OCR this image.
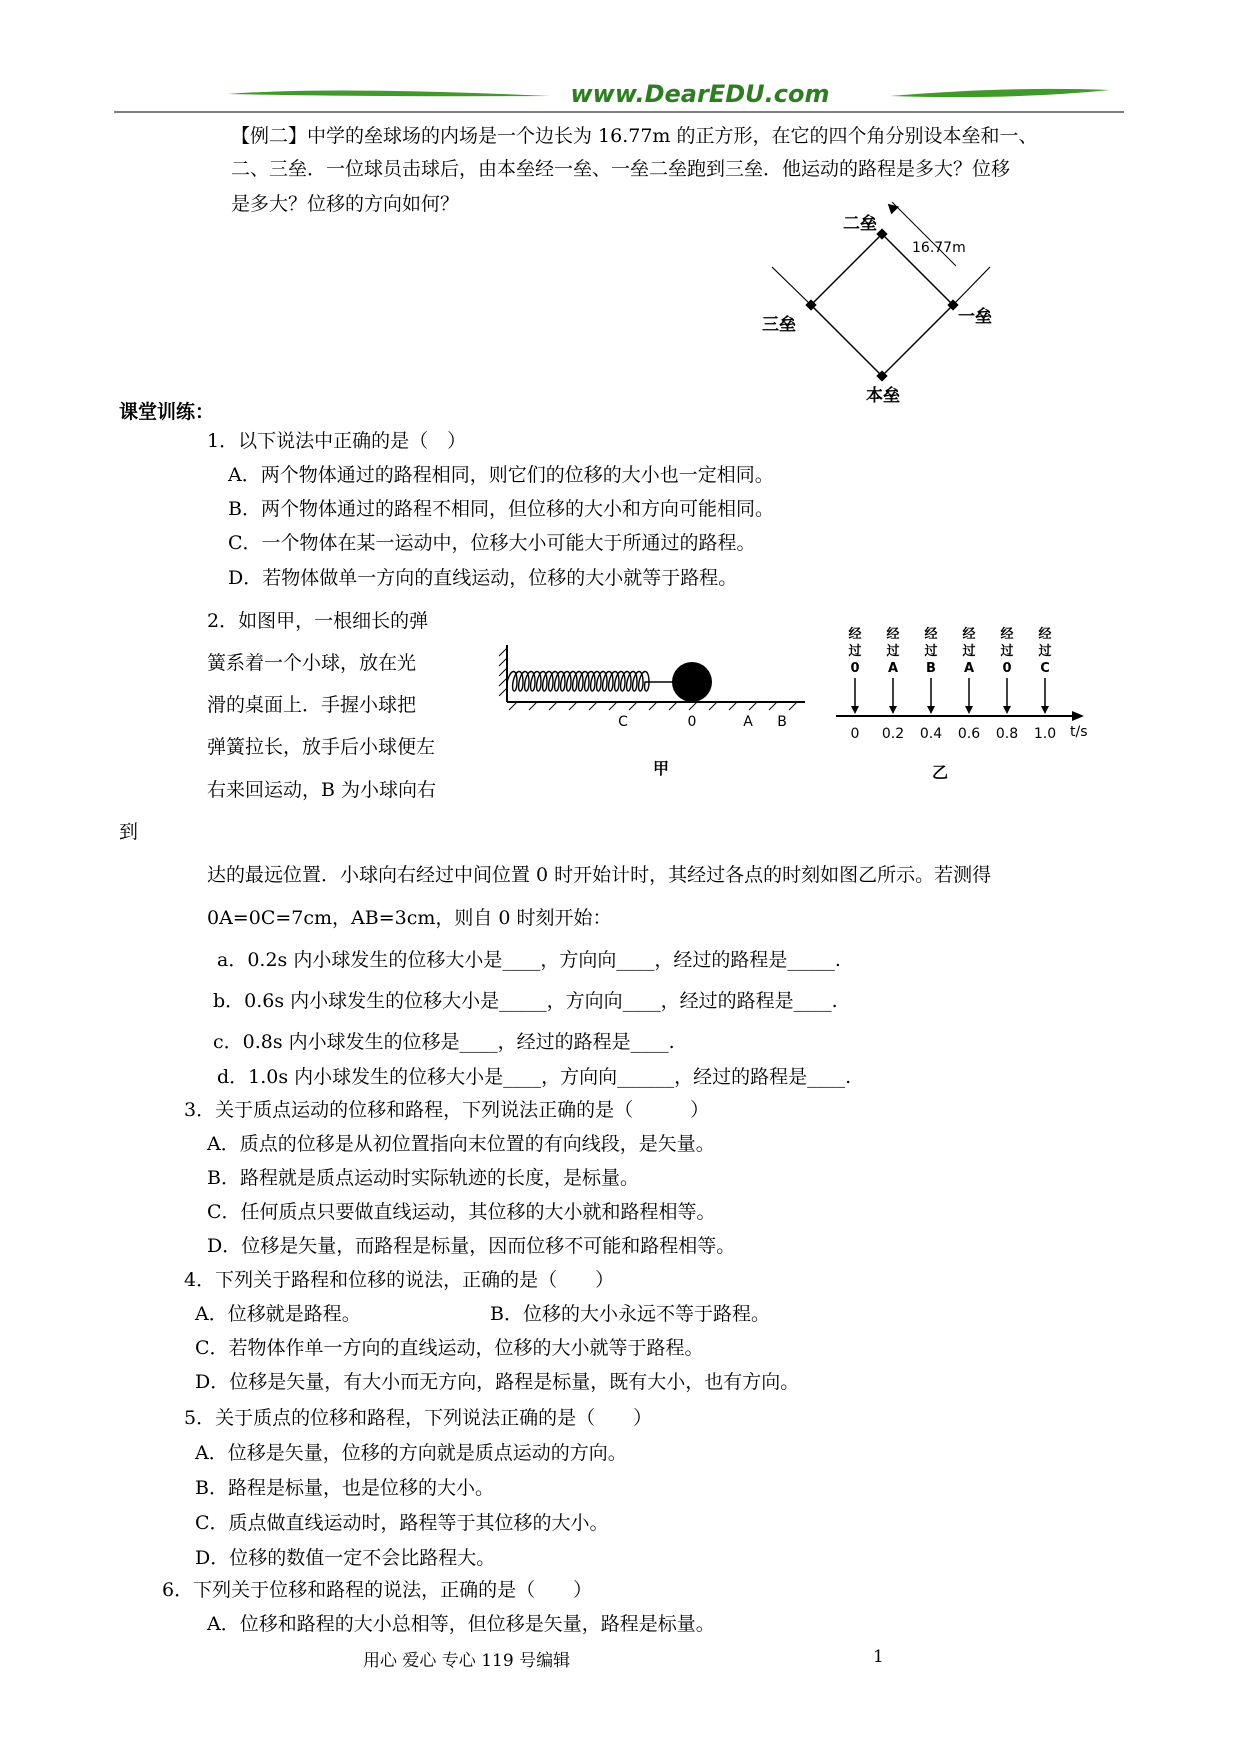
www.DearEDU.com
【例二】中学的垒球场的内场是一个边长为 16.77m 的正方形，在它的四个角分别设本垒和一、
二、三垒．一位球员击球后，由本垒经一垒、一垒二垒跑到三垒．他运动的路程是多大？位移
是多大？位移的方向如何？
16.77m
二垒
一垒
三垒
本垒
课堂训练：
1．以下说法中正确的是（　）
A．两个物体通过的路程相同，则它们的位移的大小也一定相同。
B．两个物体通过的路程不相同，但位移的大小和方向可能相同。
C．一个物体在某一运动中，位移大小可能大于所通过的路程。
D．若物体做单一方向的直线运动，位移的大小就等于路程。
2．如图甲，一根细长的弹
簧系着一个小球，放在光
滑的桌面上．手握小球把
弹簧拉长，放手后小球便左
右来回运动，B 为小球向右
到
C	0	A B
甲
经
过
0
经
过
A
经
过
B
经
过
A
经
过
0
经
过
C
0 0.2 0.4 0.6 0.8 1.0 t/s
乙
达的最远位置．小球向右经过中间位置 0 时开始计时，其经过各点的时刻如图乙所示。若测得
0A=0C=7cm，AB=3cm，则自 0 时刻开始：
a．0.2s 内小球发生的位移大小是____，方向向____，经过的路程是_____.
b．0.6s 内小球发生的位移大小是_____，方向向____，经过的路程是____.
c．0.8s 内小球发生的位移是____，经过的路程是____.
d．1.0s 内小球发生的位移大小是____，方向向______，经过的路程是____.
3．关于质点运动的位移和路程，下列说法正确的是（　　　）
A．质点的位移是从初位置指向末位置的有向线段，是矢量。
B．路程就是质点运动时实际轨迹的长度，是标量。
C．任何质点只要做直线运动，其位移的大小就和路程相等。
D．位移是矢量，而路程是标量，因而位移不可能和路程相等。
4．下列关于路程和位移的说法，正确的是（　　）
A．位移就是路程。	B．位移的大小永远不等于路程。
C．若物体作单一方向的直线运动，位移的大小就等于路程。
D．位移是矢量，有大小而无方向，路程是标量，既有大小，也有方向。
5．关于质点的位移和路程，下列说法正确的是（　　）
A．位移是矢量，位移的方向就是质点运动的方向。
B．路程是标量，也是位移的大小。
C．质点做直线运动时，路程等于其位移的大小。
D．位移的数值一定不会比路程大。
6．下列关于位移和路程的说法，正确的是（　　）
A．位移和路程的大小总相等，但位移是矢量，路程是标量。
用心 爱心 专心 119 号编辑	1
